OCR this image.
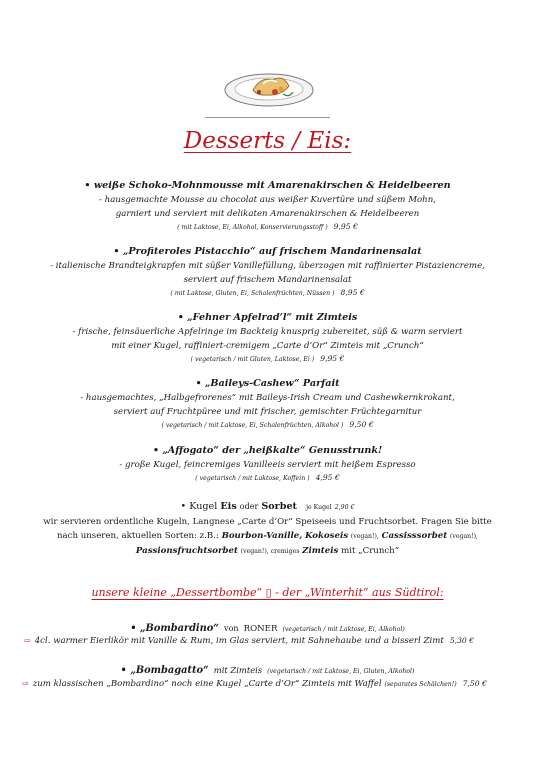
Desserts / Eis:
• weiße Schoko-Mohnmousse mit Amarenakirschen & Heidelbeeren
- hausgemachte Mousse au chocolat aus weißer Kuvertüre und süßem Mohn,
garniert und serviert mit delikaten Amarenakirschen & Heidelbeeren
( mit Laktose, Ei, Alkohol, Konservierungsstoff ) 9,95 €
• „Profiteroles Pistacchio“ auf frischem Mandarinensalat
- italienische Brandteigkrapfen mit süßer Vanillefüllung, überzogen mit raffinierter Pistaziencreme,
serviert auf frischem Mandarinensalat
( mit Laktose, Gluten, Ei, Schalenfrüchten, Nüssen ) 8,95 €
• „Fehner Apfelrad’l“ mit Zimteis
- frische, feinsäuerliche Apfelringe im Backteig knusprig zubereitet, süß & warm serviert
mit einer Kugel, raffiniert-cremigem „Carte d’Or“ Zimteis mit „Crunch“
( vegetarisch / mit Gluten, Laktose, Ei ) 9,95 €
• „Baileys-Cashew“ Parfait
- hausgemachtes, „Halbgefrorenes“ mit Baileys-Irish Cream und Cashewkernkrokant,
serviert auf Fruchtpüree und mit frischer, gemischter Früchtegarnitur
( vegetarisch / mit Laktose, Ei, Schalenfrüchten, Alkohol ) 9,50 €
• „Affogato“ der „heißkalte“ Genusstrunk!
- große Kugel, feincremiges Vanilleeis serviert mit heißem Espresso
( vegetarisch / mit Laktose, Koffein ) 4,95 €
• Kugel Eis oder Sorbet je Kugel 2,90 €
wir servieren ordentliche Kugeln, Langnese „Carte d’Or“ Speiseeis und Fruchtsorbet. Fragen Sie bitte
nach unseren, aktuellen Sorten: z.B.: Bourbon-Vanille, Kokoseis (vegan!), Cassisssorbet (vegan!),
Passionsfruchtsorbet (vegan!), cremiges Zimteis mit „Crunch“
unsere kleine „Dessertbombe“ ▯ - der „Winterhit“ aus Südtirol:
• „Bombardino“ von RONER (vegetarisch / mit Laktose, Ei, Alkohol)
⇨ 4cl. warmer Eierlikör mit Vanille & Rum, im Glas serviert, mit Sahnehaube und a bisserl Zimt 5,30 €
• „Bombagatto“ mit Zimteis (vegetarisch / mit Laktose, Ei, Gluten, Alkohol)
⇨ zum klassischen „Bombardino“ noch eine Kugel „Carte d’Or“ Zimteis mit Waffel (separates Schälchen!) 7,50 €
